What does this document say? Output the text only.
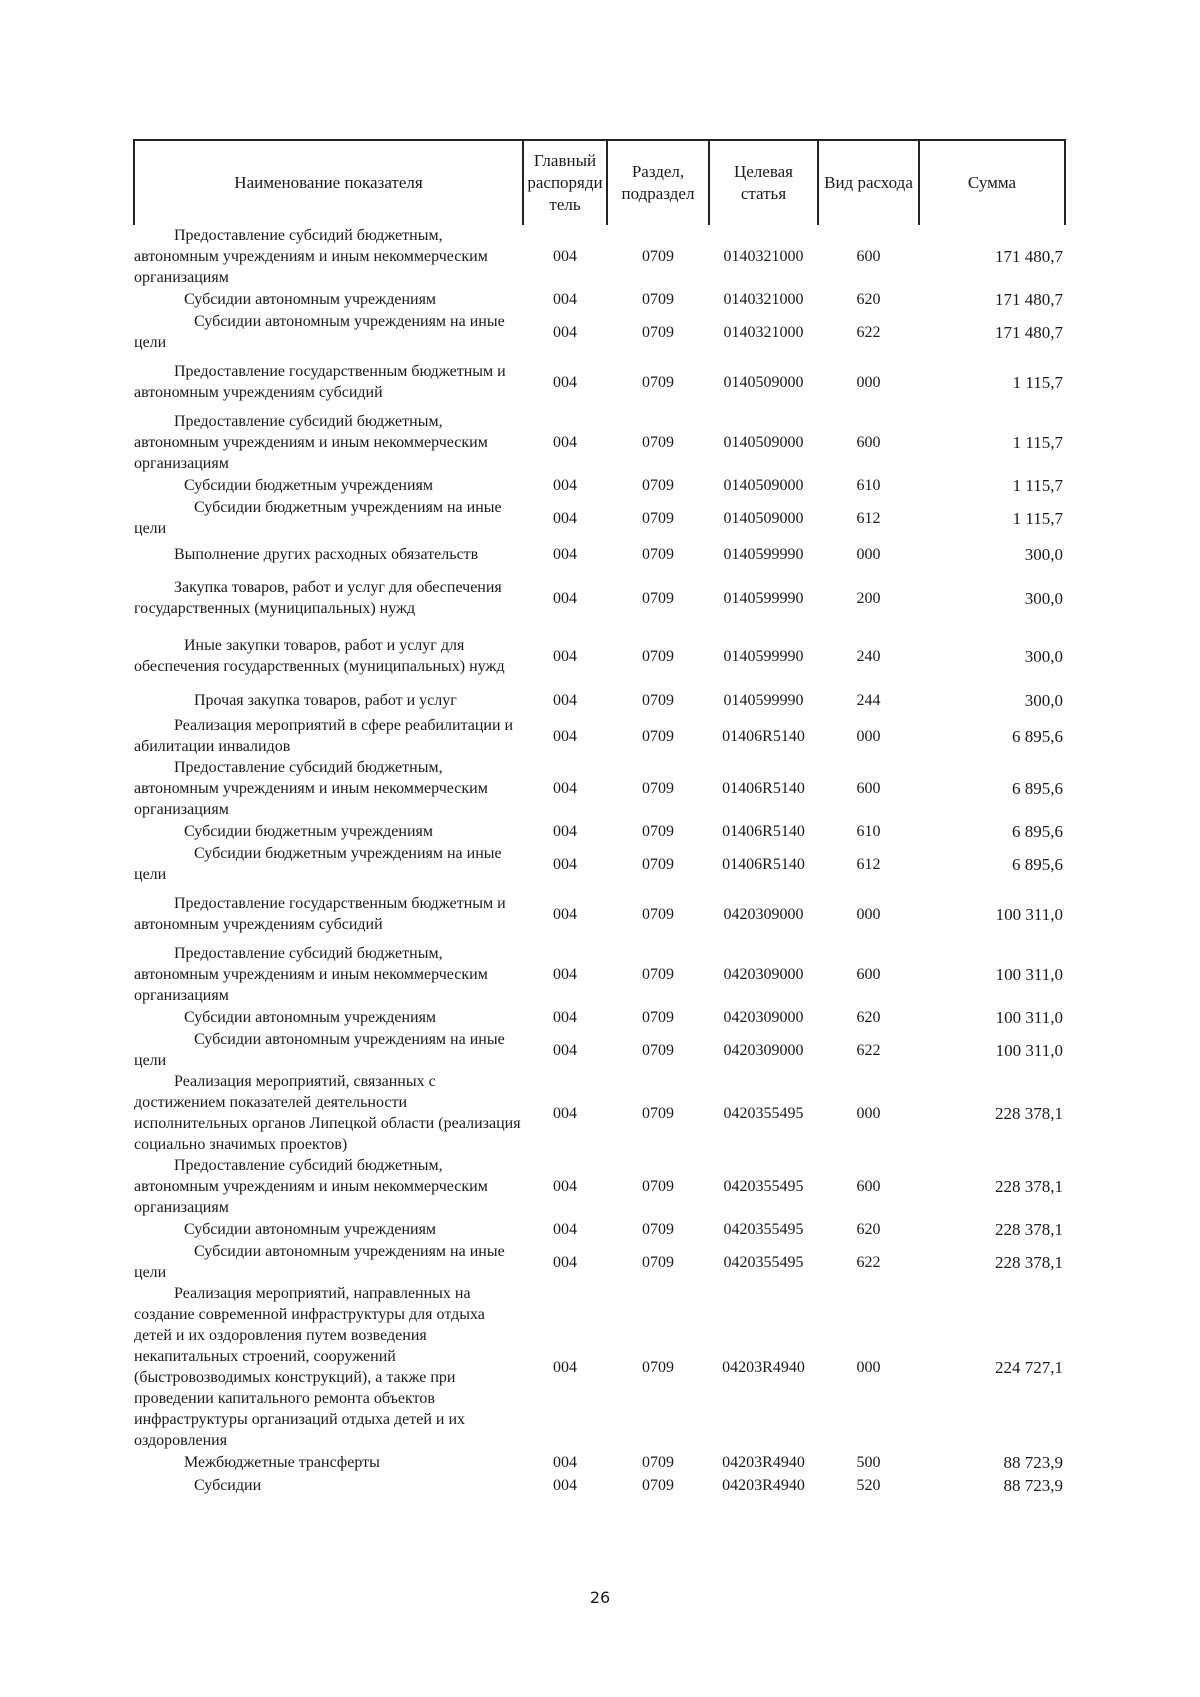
Наименование показателя	Главный распоряди тель	Раздел, подраздел	Целевая статья	Вид расхода	Сумма

Предоставление субсидий бюджетным, автономным учреждениям и иным некоммерческим организациям	004	0709	0140321000	600	171 480,7

Субсидии автономным учреждениям	004	0709	0140321000	620	171 480,7

Субсидии автономным учреждениям на иные цели	004	0709	0140321000	622	171 480,7

Предоставление государственным бюджетным и автономным учреждениям субсидий	004	0709	0140509000	000	1 115,7

Предоставление субсидий бюджетным, автономным учреждениям и иным некоммерческим организациям	004	0709	0140509000	600	1 115,7

Субсидии бюджетным учреждениям	004	0709	0140509000	610	1 115,7

Субсидии бюджетным учреждениям на иные цели	004	0709	0140509000	612	1 115,7

Выполнение других расходных обязательств	004	0709	0140599990	000	300,0

Закупка товаров, работ и услуг для обеспечения государственных (муниципальных) нужд	004	0709	0140599990	200	300,0

Иные закупки товаров, работ и услуг для обеспечения государственных (муниципальных) нужд	004	0709	0140599990	240	300,0

Прочая закупка товаров, работ и услуг	004	0709	0140599990	244	300,0

Реализация мероприятий в сфере реабилитации и абилитации инвалидов	004	0709	01406R5140	000	6 895,6

Предоставление субсидий бюджетным, автономным учреждениям и иным некоммерческим организациям	004	0709	01406R5140	600	6 895,6

Субсидии бюджетным учреждениям	004	0709	01406R5140	610	6 895,6

Субсидии бюджетным учреждениям на иные цели	004	0709	01406R5140	612	6 895,6

Предоставление государственным бюджетным и автономным учреждениям субсидий	004	0709	0420309000	000	100 311,0

Предоставление субсидий бюджетным, автономным учреждениям и иным некоммерческим организациям	004	0709	0420309000	600	100 311,0

Субсидии автономным учреждениям	004	0709	0420309000	620	100 311,0

Субсидии автономным учреждениям на иные цели	004	0709	0420309000	622	100 311,0

Реализация мероприятий, связанных с достижением показателей деятельности исполнительных органов Липецкой области (реализация социально значимых проектов)	004	0709	0420355495	000	228 378,1

Предоставление субсидий бюджетным, автономным учреждениям и иным некоммерческим организациям	004	0709	0420355495	600	228 378,1

Субсидии автономным учреждениям	004	0709	0420355495	620	228 378,1

Субсидии автономным учреждениям на иные цели	004	0709	0420355495	622	228 378,1

Реализация мероприятий, направленных на создание современной инфраструктуры для отдыха детей и их оздоровления путем возведения некапитальных строений, сооружений (быстровозводимых конструкций), а также при проведении капитального ремонта объектов инфраструктуры организаций отдыха детей и их оздоровления	004	0709	04203R4940	000	224 727,1

Межбюджетные трансферты	004	0709	04203R4940	500	88 723,9

Субсидии	004	0709	04203R4940	520	88 723,9
26
